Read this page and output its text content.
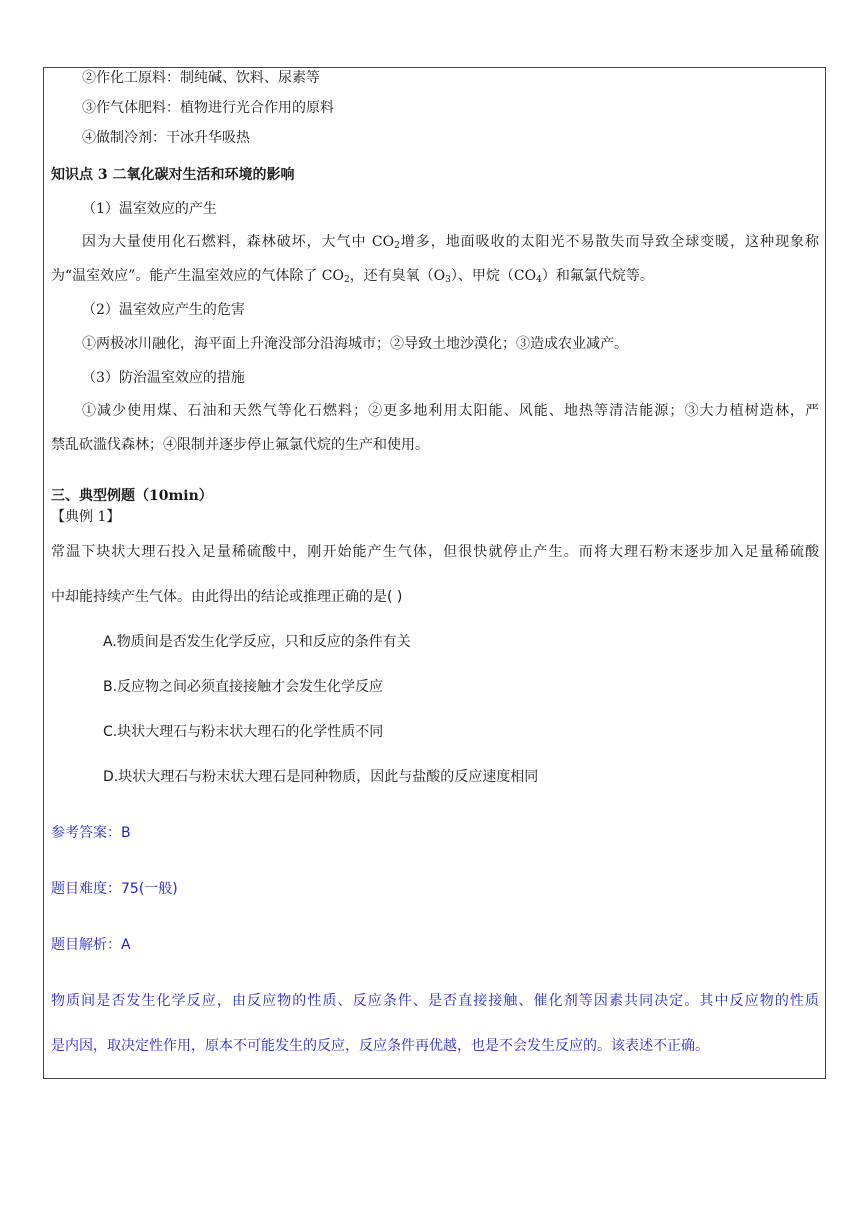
②作化工原料：制纯碱、饮料、尿素等
③作气体肥料：植物进行光合作用的原料
④做制冷剂：干冰升华吸热
知识点 3 二氧化碳对生活和环境的影响
（1）温室效应的产生
因为大量使用化石燃料，森林破坏，大气中 $CO_2$增多，地面吸收的太阳光不易散失而导致全球变暖，这种现象称
为“温室效应”。能产生温室效应的气体除了 $CO_2$，还有臭氧$(O_3)$、甲烷$(CO_4)$和氟氯代烷等。
（2）温室效应产生的危害
①两极冰川融化，海平面上升淹没部分沿海城市；②导致土地沙漠化；③造成农业减产。
（3）防治温室效应的措施
①减少使用煤、石油和天然气等化石燃料；②更多地利用太阳能、风能、地热等清洁能源；③大力植树造林，严
禁乱砍滥伐森林；④限制并逐步停止氟氯代烷的生产和使用。
三、典型例题（10min）
【典例 1】
常温下块状大理石投入足量稀硫酸中，刚开始能产生气体，但很快就停止产生。而将大理石粉末逐步加入足量稀硫酸
中却能持续产生气体。由此得出的结论或推理正确的是( )
A.物质间是否发生化学反应，只和反应的条件有关
B.反应物之间必须直接接触才会发生化学反应
C.块状大理石与粉末状大理石的化学性质不同
D.块状大理石与粉末状大理石是同种物质，因此与盐酸的反应速度相同
参考答案：B
题目难度：75(一般)
题目解析：A
物质间是否发生化学反应，由反应物的性质、反应条件、是否直接接触、催化剂等因素共同决定。其中反应物的性质
是内因，取决定性作用，原本不可能发生的反应，反应条件再优越，也是不会发生反应的。该表述不正确。
